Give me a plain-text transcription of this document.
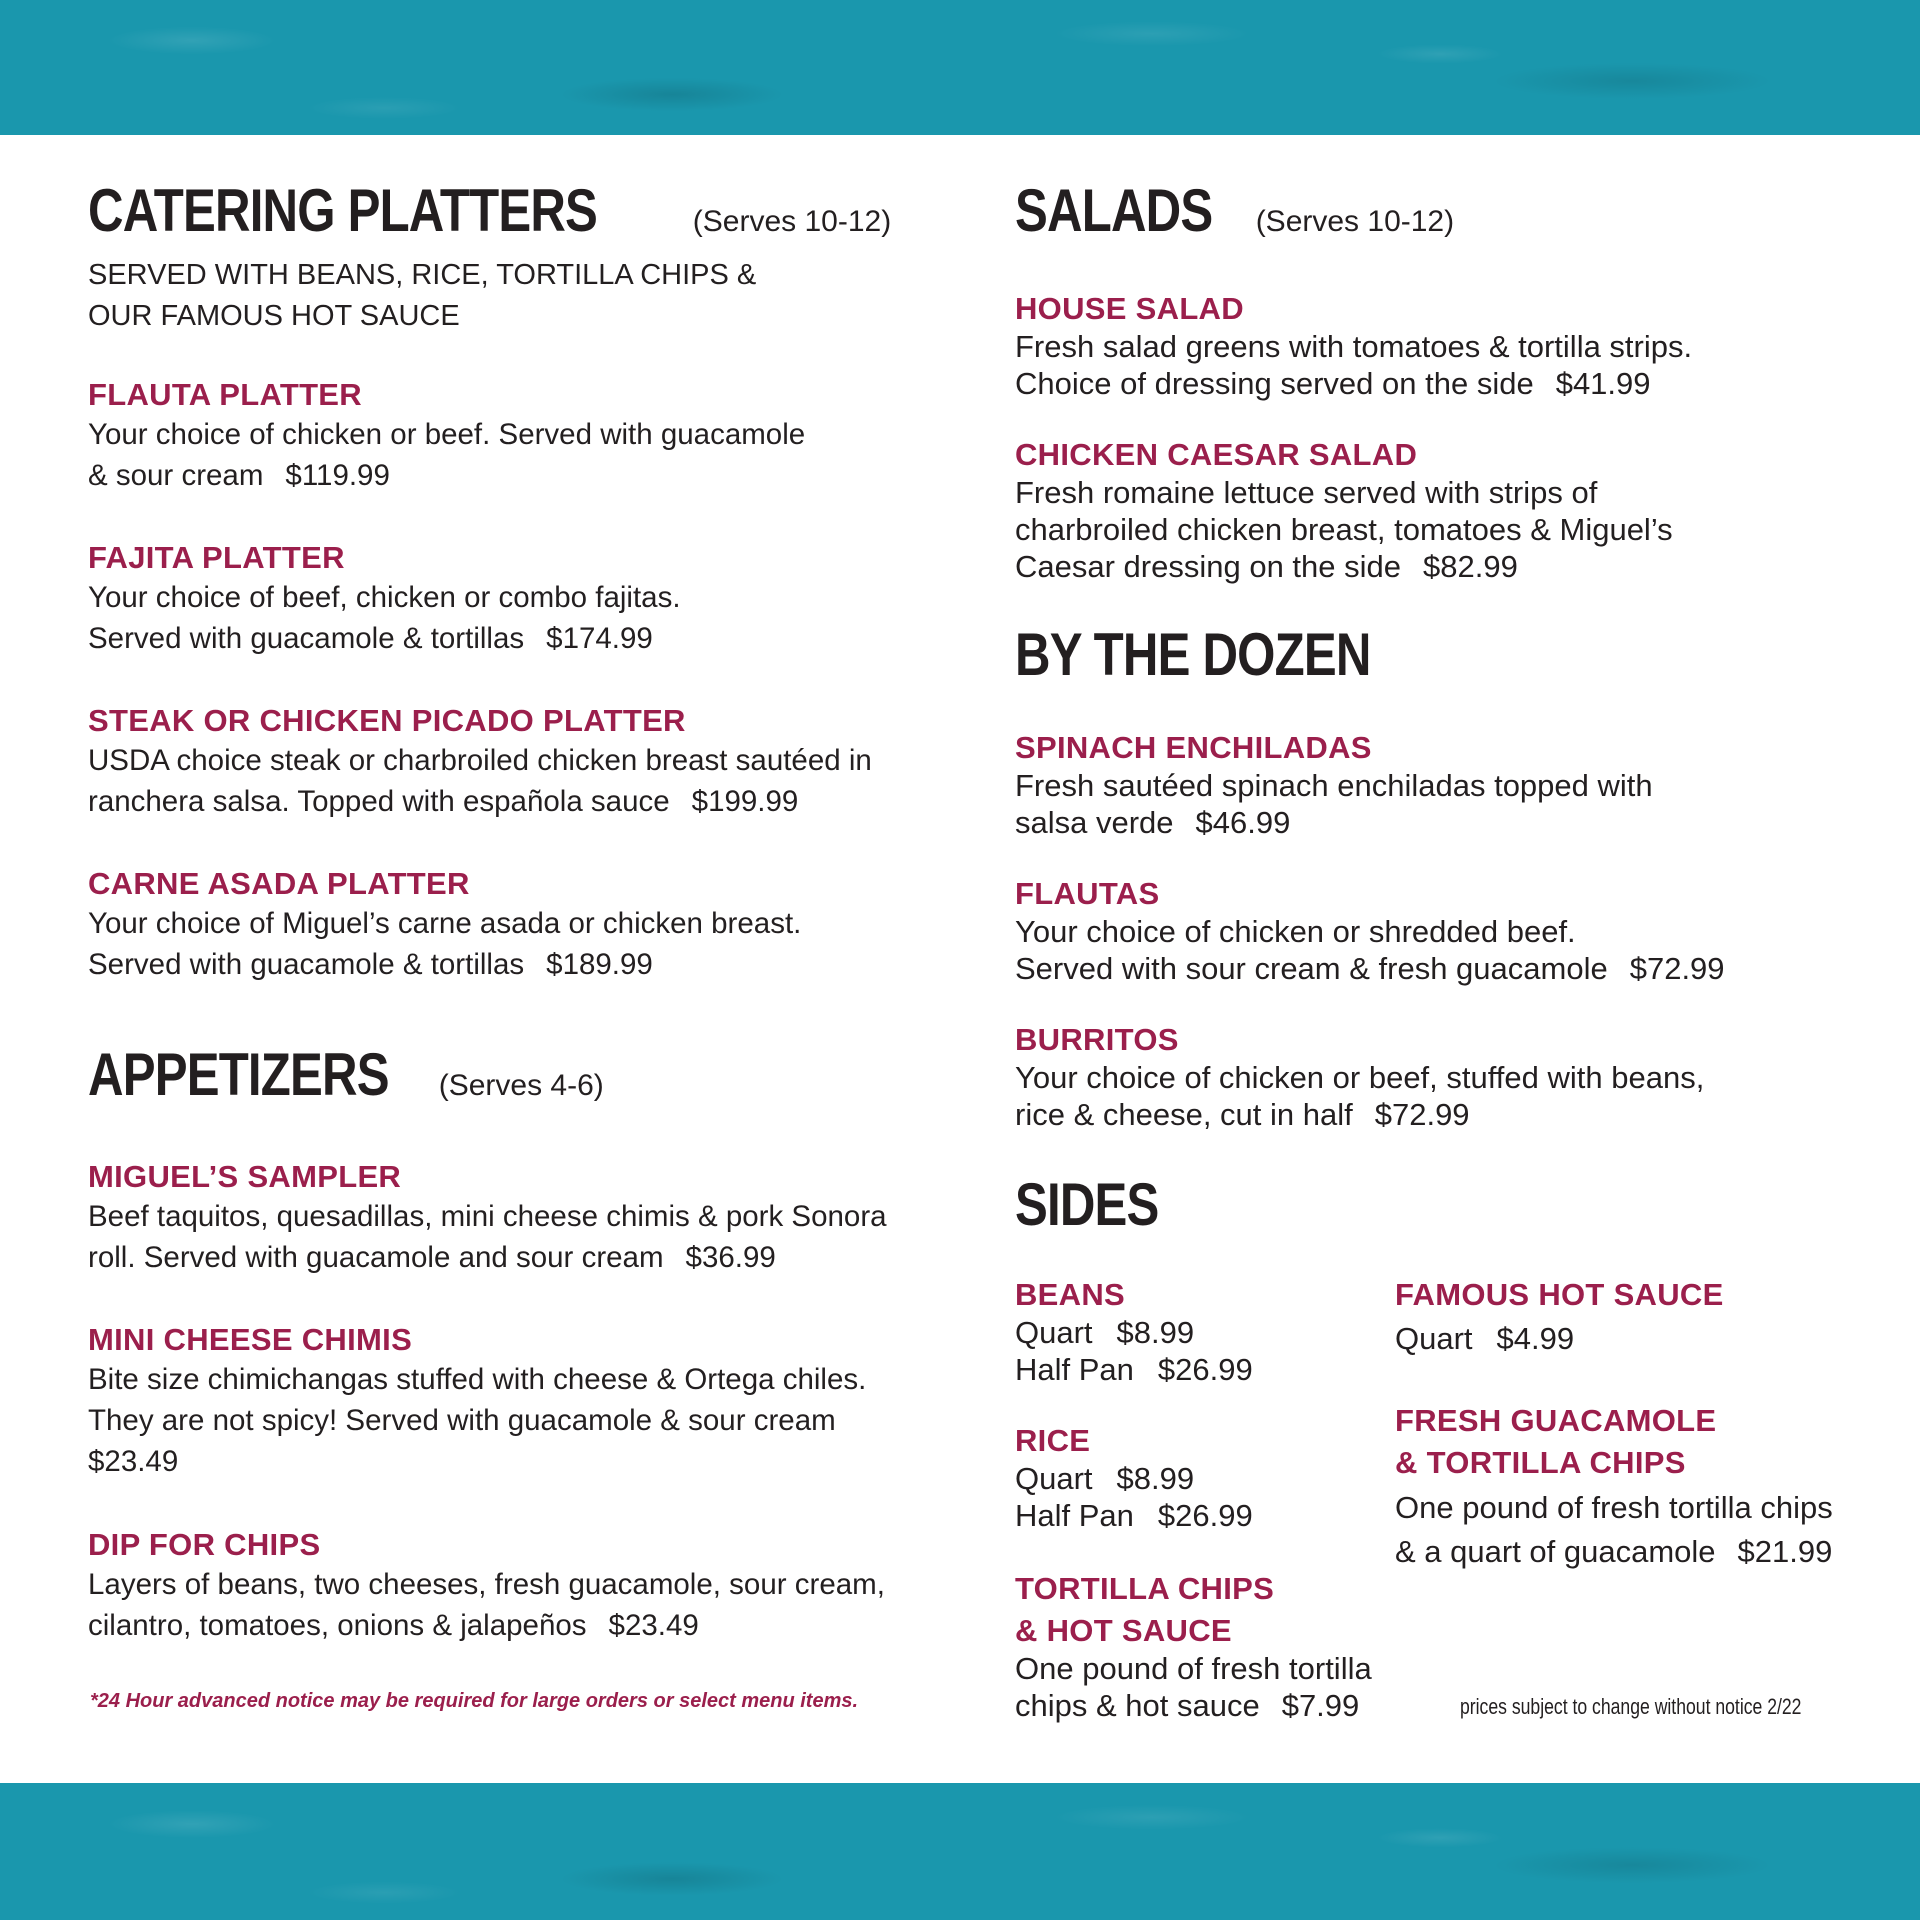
CATERING PLATTERS	(Serves 10-12)
SERVED WITH BEANS, RICE, TORTILLA CHIPS &
OUR FAMOUS HOT SAUCE
FLAUTA PLATTER
Your choice of chicken or beef. Served with guacamole
& sour cream $119.99
FAJITA PLATTER
Your choice of beef, chicken or combo fajitas.
Served with guacamole & tortillas $174.99
STEAK OR CHICKEN PICADO PLATTER
USDA choice steak or charbroiled chicken breast sautéed in
ranchera salsa. Topped with española sauce $199.99
CARNE ASADA PLATTER
Your choice of Miguel’s carne asada or chicken breast.
Served with guacamole & tortillas $189.99
APPETIZERS (Serves 4-6)
MIGUEL’S SAMPLER
Beef taquitos, quesadillas, mini cheese chimis & pork Sonora
roll. Served with guacamole and sour cream $36.99
MINI CHEESE CHIMIS
Bite size chimichangas stuffed with cheese & Ortega chiles.
They are not spicy! Served with guacamole & sour cream
$23.49
DIP FOR CHIPS
Layers of beans, two cheeses, fresh guacamole, sour cream,
cilantro, tomatoes, onions & jalapeños $23.49
*24 Hour advanced notice may be required for large orders or select menu items.
SALADS (Serves 10-12)
HOUSE SALAD
Fresh salad greens with tomatoes & tortilla strips.
Choice of dressing served on the side $41.99
CHICKEN CAESAR SALAD
Fresh romaine lettuce served with strips of
charbroiled chicken breast, tomatoes & Miguel’s
Caesar dressing on the side $82.99
BY THE DOZEN
SPINACH ENCHILADAS
Fresh sautéed spinach enchiladas topped with
salsa verde $46.99
FLAUTAS
Your choice of chicken or shredded beef.
Served with sour cream & fresh guacamole $72.99
BURRITOS
Your choice of chicken or beef, stuffed with beans,
rice & cheese, cut in half $72.99
SIDES
BEANS
Quart $8.99
Half Pan $26.99
RICE
Quart $8.99
Half Pan $26.99
TORTILLA CHIPS
& HOT SAUCE
One pound of fresh tortilla
chips & hot sauce $7.99
FAMOUS HOT SAUCE
Quart $4.99
FRESH GUACAMOLE
& TORTILLA CHIPS
One pound of fresh tortilla chips
& a quart of guacamole $21.99
prices subject to change without notice 2/22
